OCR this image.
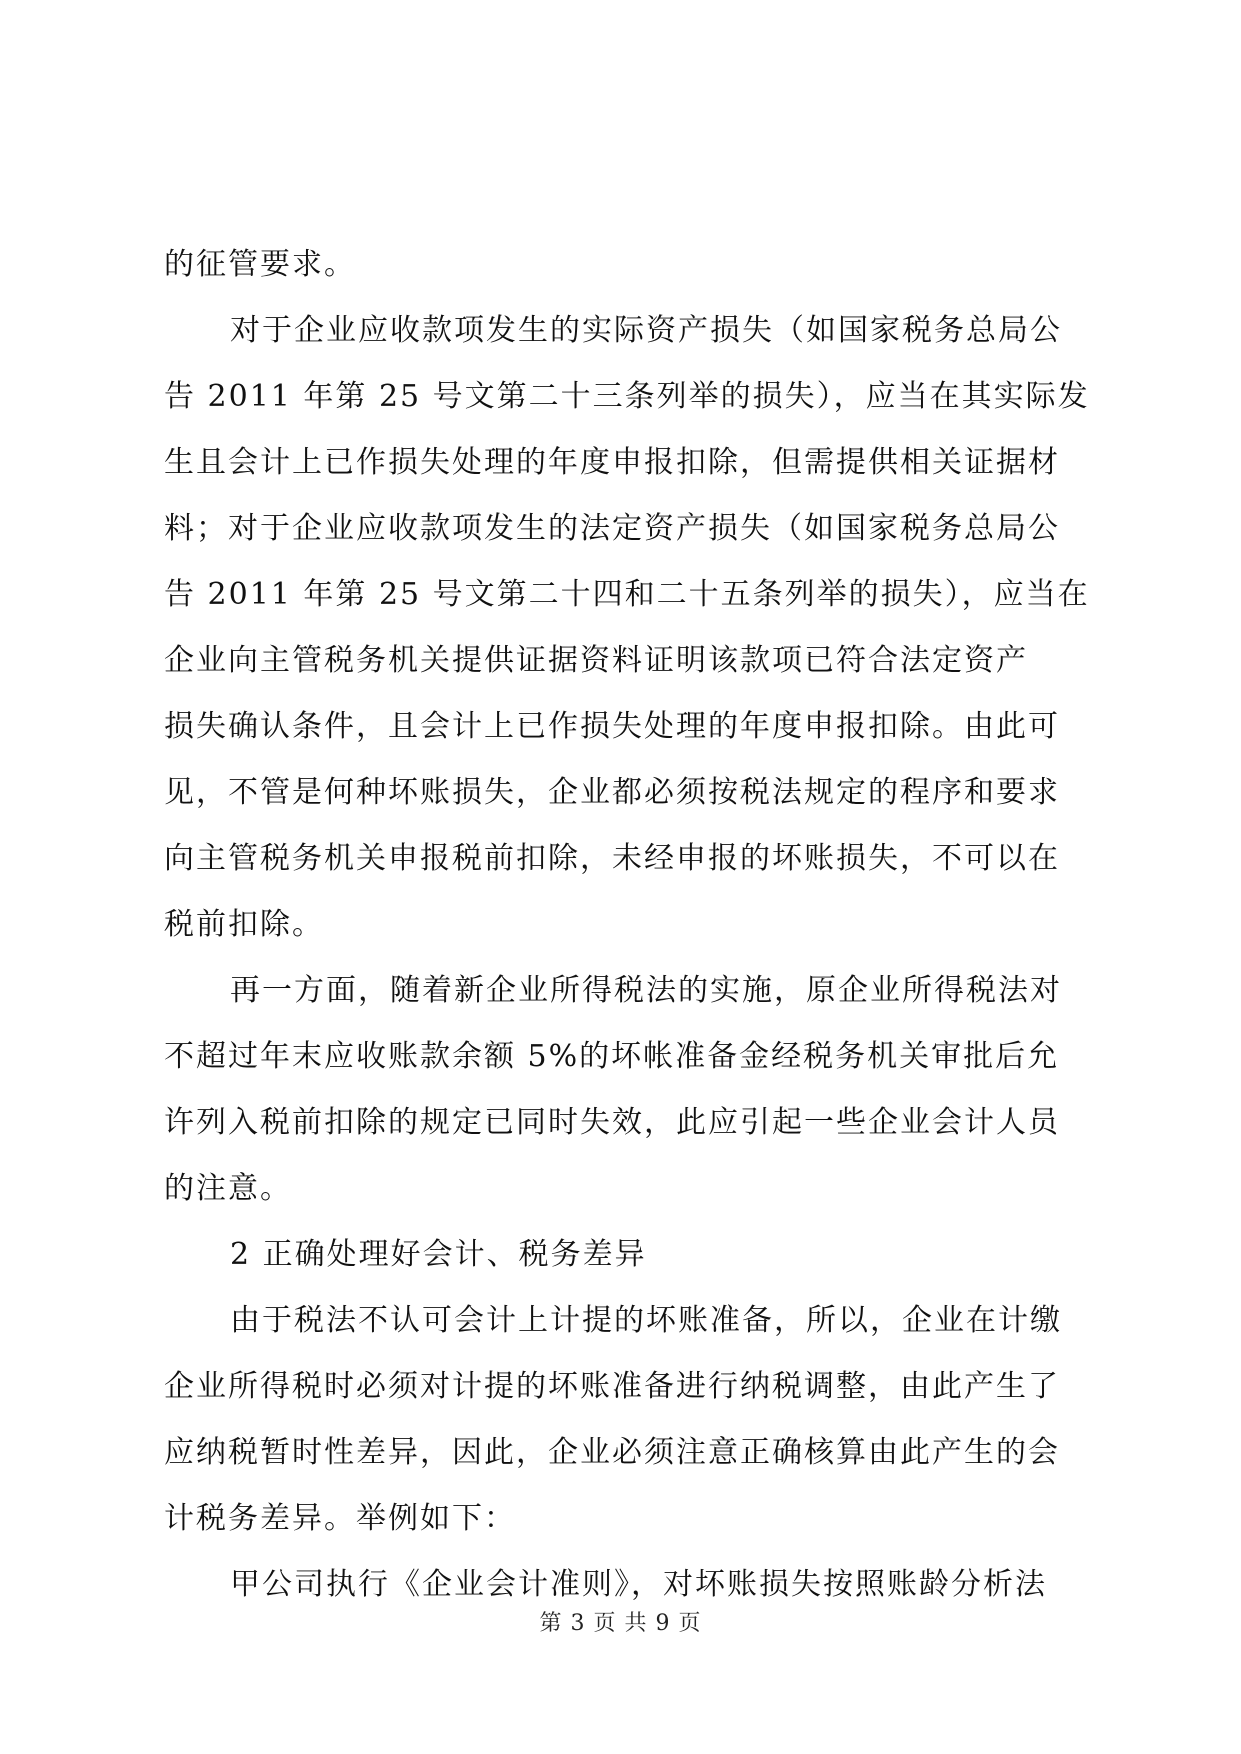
的征管要求。
对于企业应收款项发生的实际资产损失（如国家税务总局公
告 2011 年第 25 号文第二十三条列举的损失），应当在其实际发
生且会计上已作损失处理的年度申报扣除，但需提供相关证据材
料；对于企业应收款项发生的法定资产损失（如国家税务总局公
告 2011 年第 25 号文第二十四和二十五条列举的损失），应当在
企业向主管税务机关提供证据资料证明该款项已符合法定资产
损失确认条件，且会计上已作损失处理的年度申报扣除。由此可
见，不管是何种坏账损失，企业都必须按税法规定的程序和要求
向主管税务机关申报税前扣除，未经申报的坏账损失，不可以在
税前扣除。
再一方面，随着新企业所得税法的实施，原企业所得税法对
不超过年末应收账款余额 5%的坏帐准备金经税务机关审批后允
许列入税前扣除的规定已同时失效，此应引起一些企业会计人员
的注意。
2 正确处理好会计、税务差异
由于税法不认可会计上计提的坏账准备，所以，企业在计缴
企业所得税时必须对计提的坏账准备进行纳税调整，由此产生了
应纳税暂时性差异，因此，企业必须注意正确核算由此产生的会
计税务差异。举例如下：
甲公司执行《企业会计准则》，对坏账损失按照账龄分析法
第 3 页 共 9 页
